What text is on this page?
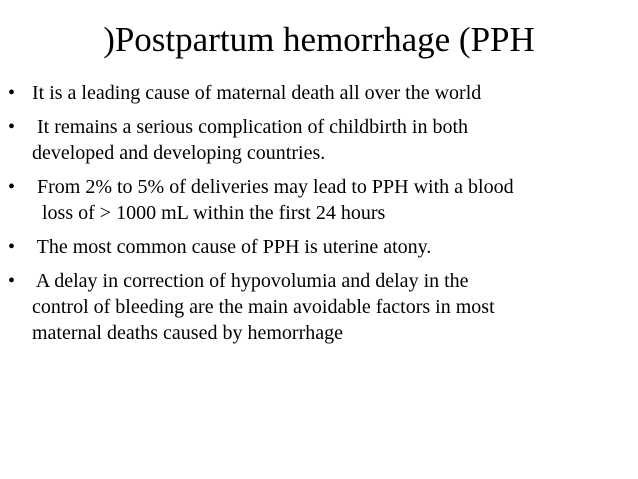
)Postpartum hemorrhage (PPH
• It is a leading cause of maternal death all over the world
• It remains a serious complication of childbirth in both
developed and developing countries.
• From 2% to 5% of deliveries may lead to PPH with a blood
loss of > 1000 mL within the first 24 hours
• The most common cause of PPH is uterine atony.
• A delay in correction of hypovolumia and delay in the
control of bleeding are the main avoidable factors in most
maternal deaths caused by hemorrhage
